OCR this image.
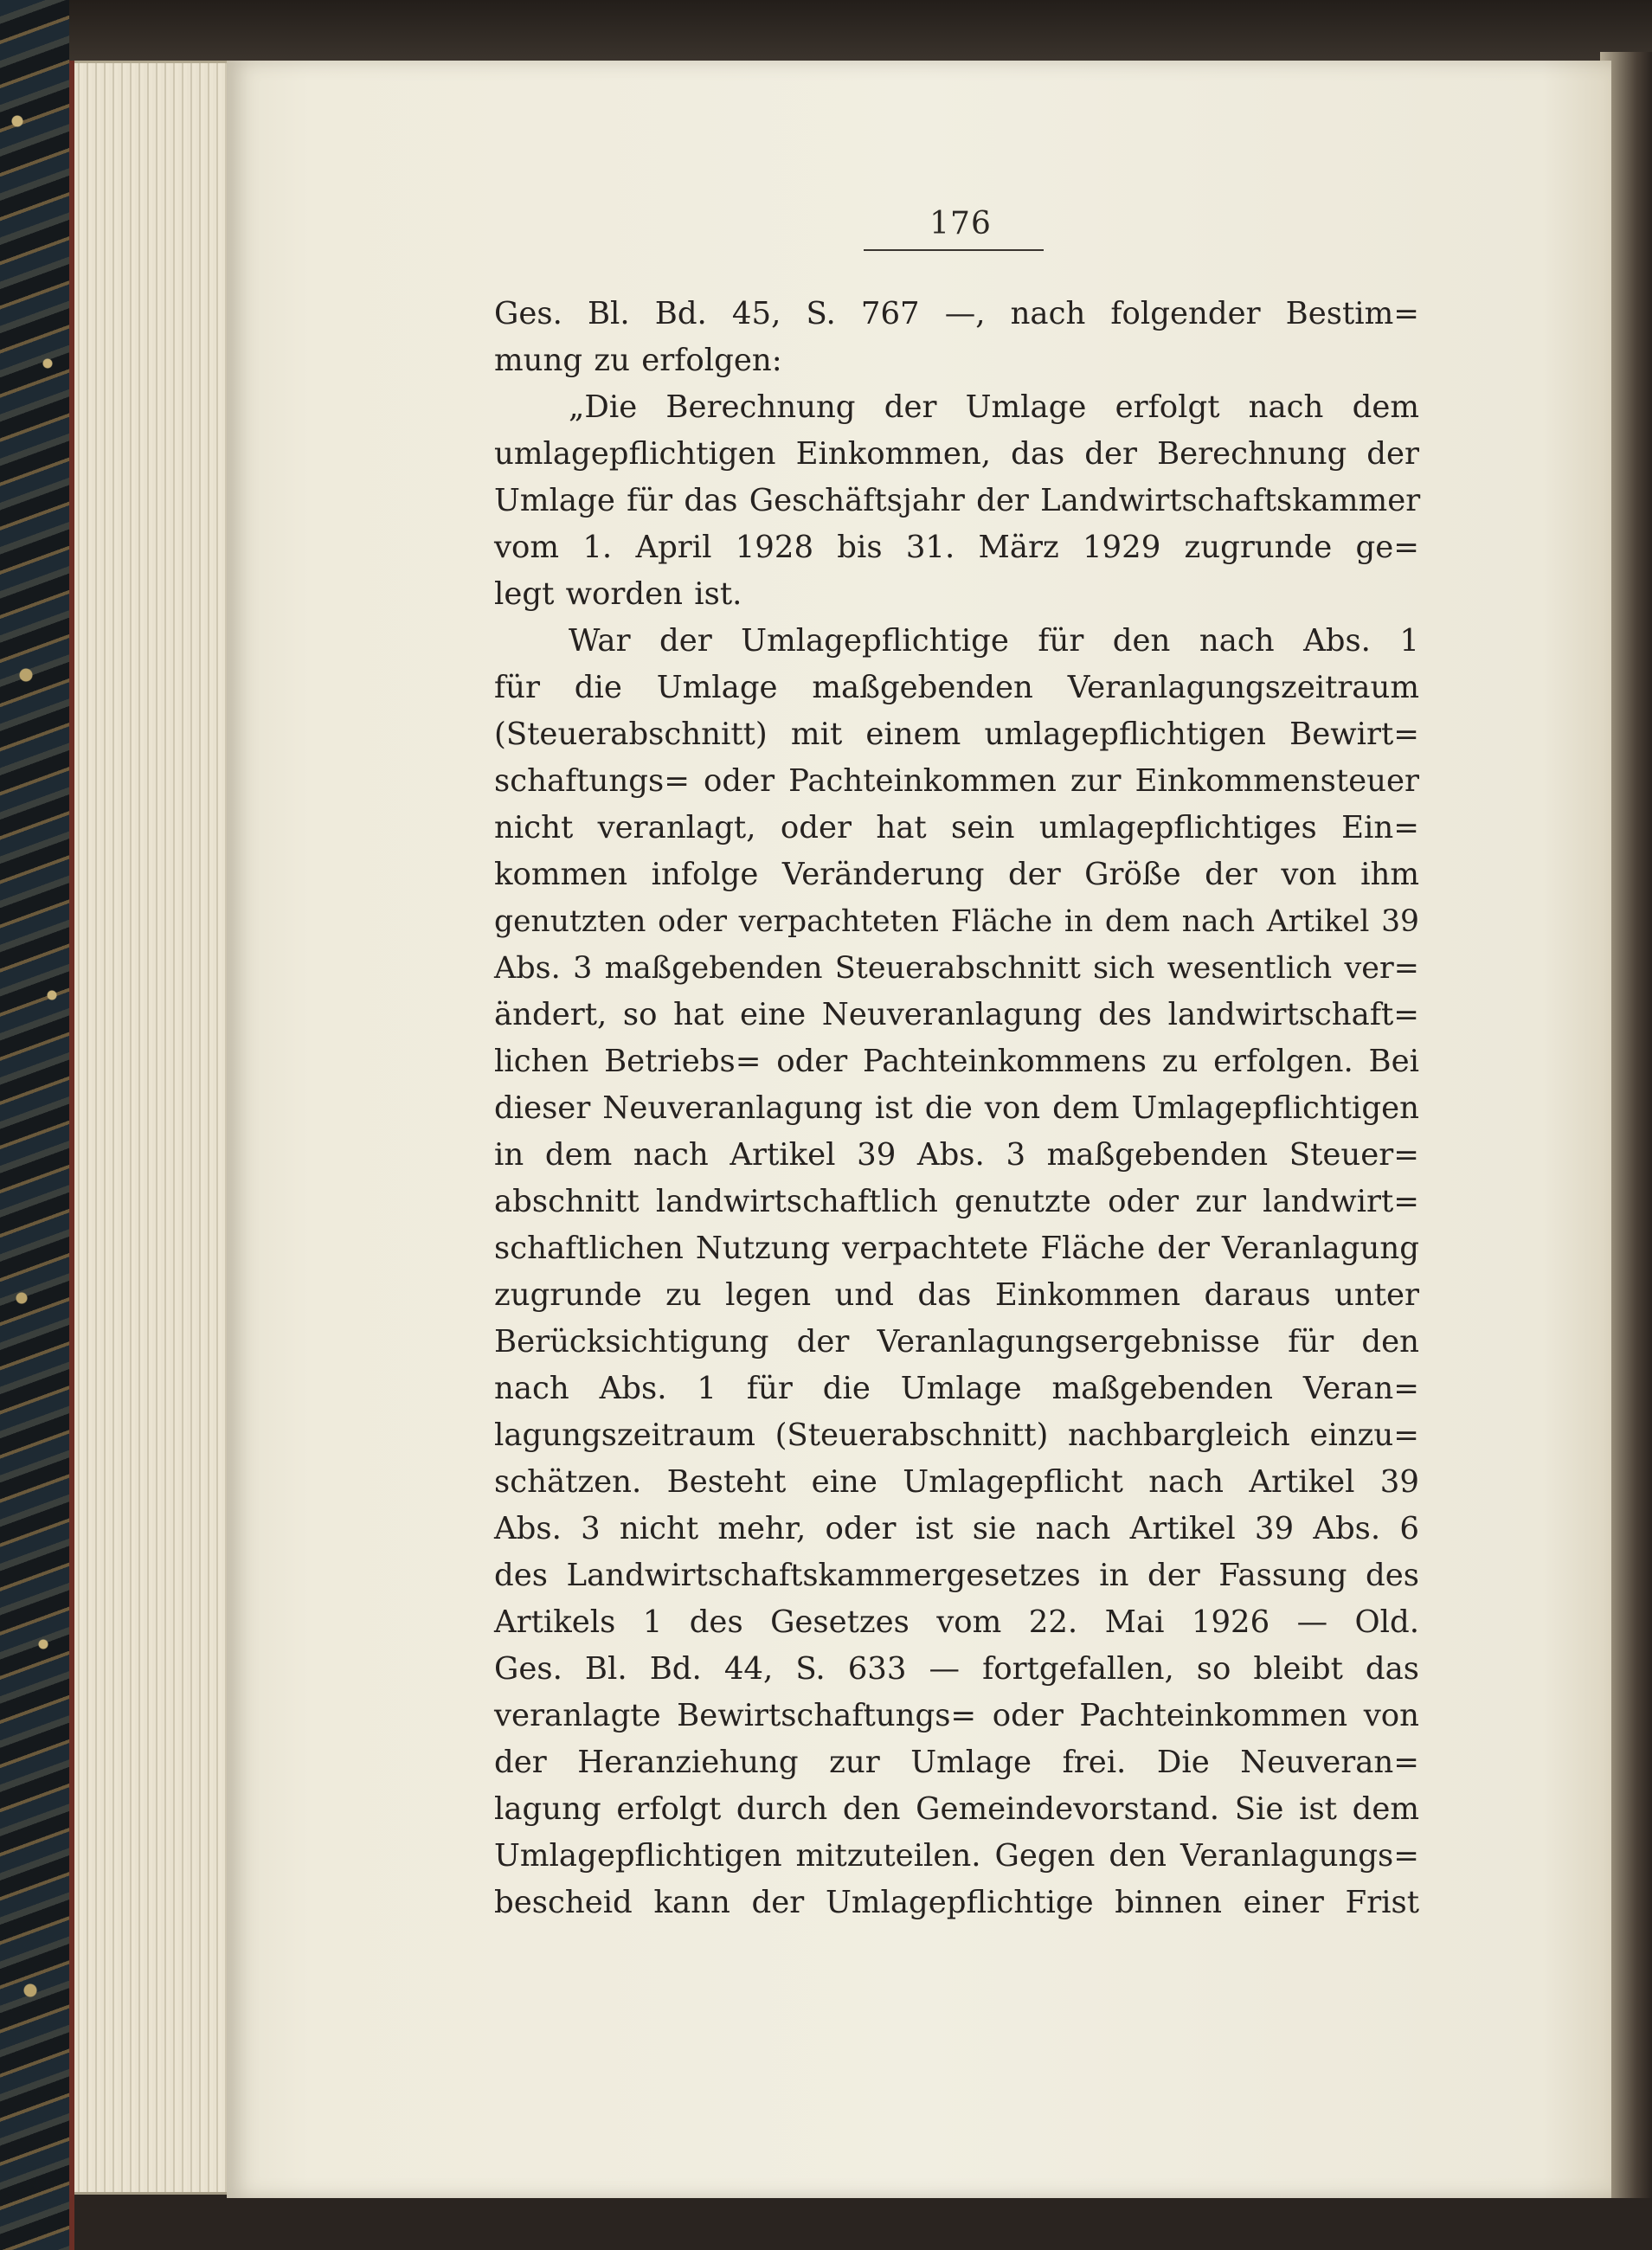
176
Ges. Bl. Bd. 45, S. 767 —, nach folgender Bestim=
mung zu erfolgen:
„Die Berechnung der Umlage erfolgt nach dem
umlagepflichtigen Einkommen, das der Berechnung der
Umlage für das Geschäftsjahr der Landwirtschaftskammer
vom 1. April 1928 bis 31. März 1929 zugrunde ge=
legt worden ist.
War der Umlagepflichtige für den nach Abs. 1
für die Umlage maßgebenden Veranlagungszeitraum
(Steuerabschnitt) mit einem umlagepflichtigen Bewirt=
schaftungs= oder Pachteinkommen zur Einkommensteuer
nicht veranlagt, oder hat sein umlagepflichtiges Ein=
kommen infolge Veränderung der Größe der von ihm
genutzten oder verpachteten Fläche in dem nach Artikel 39
Abs. 3 maßgebenden Steuerabschnitt sich wesentlich ver=
ändert, so hat eine Neuveranlagung des landwirtschaft=
lichen Betriebs= oder Pachteinkommens zu erfolgen. Bei
dieser Neuveranlagung ist die von dem Umlagepflichtigen
in dem nach Artikel 39 Abs. 3 maßgebenden Steuer=
abschnitt landwirtschaftlich genutzte oder zur landwirt=
schaftlichen Nutzung verpachtete Fläche der Veranlagung
zugrunde zu legen und das Einkommen daraus unter
Berücksichtigung der Veranlagungsergebnisse für den
nach Abs. 1 für die Umlage maßgebenden Veran=
lagungszeitraum (Steuerabschnitt) nachbargleich einzu=
schätzen. Besteht eine Umlagepflicht nach Artikel 39
Abs. 3 nicht mehr, oder ist sie nach Artikel 39 Abs. 6
des Landwirtschaftskammergesetzes in der Fassung des
Artikels 1 des Gesetzes vom 22. Mai 1926 — Old.
Ges. Bl. Bd. 44, S. 633 — fortgefallen, so bleibt das
veranlagte Bewirtschaftungs= oder Pachteinkommen von
der Heranziehung zur Umlage frei. Die Neuveran=
lagung erfolgt durch den Gemeindevorstand. Sie ist dem
Umlagepflichtigen mitzuteilen. Gegen den Veranlagungs=
bescheid kann der Umlagepflichtige binnen einer Frist
